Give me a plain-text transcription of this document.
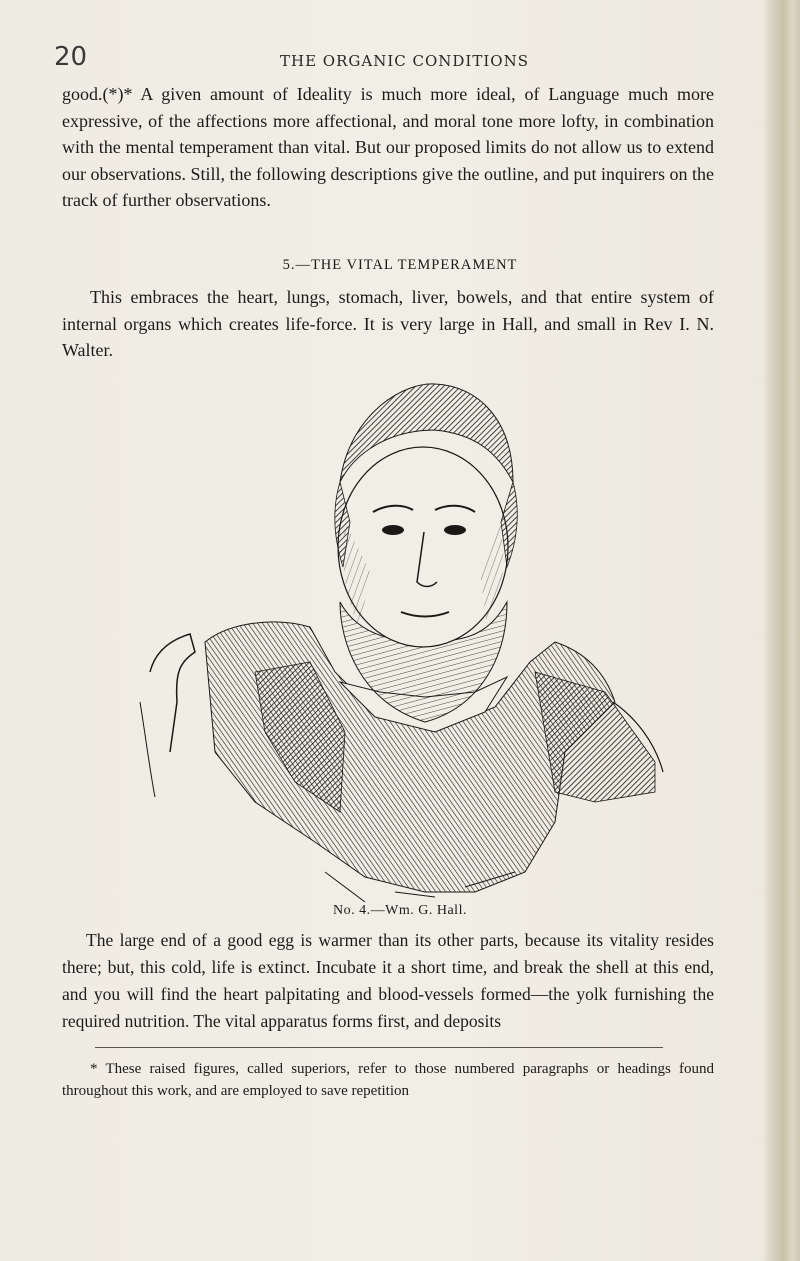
20	THE ORGANIC CONDITIONS

good.(*)* A given amount of Ideality is much more ideal, of Language much more expressive, of the affections more affectional, and moral tone more lofty, in combination with the mental temperament than vital. But our proposed limits do not allow us to extend our observations. Still, the following descriptions give the outline, and put inquirers on the track of further observations.

5.—THE VITAL TEMPERAMENT

This embraces the heart, lungs, stomach, liver, bowels, and that entire system of internal organs which creates life-force. It is very large in Hall, and small in Rev I. N. Walter.

No. 4.—Wm. G. Hall.

The large end of a good egg is warmer than its other parts, because its vitality resides there; but, this cold, life is extinct. Incubate it a short time, and break the shell at this end, and you will find the heart palpitating and blood-vessels formed—the yolk furnishing the required nutrition. The vital apparatus forms first, and deposits

* These raised figures, called superiors, refer to those numbered paragraphs or headings found throughout this work, and are employed to save repetition
